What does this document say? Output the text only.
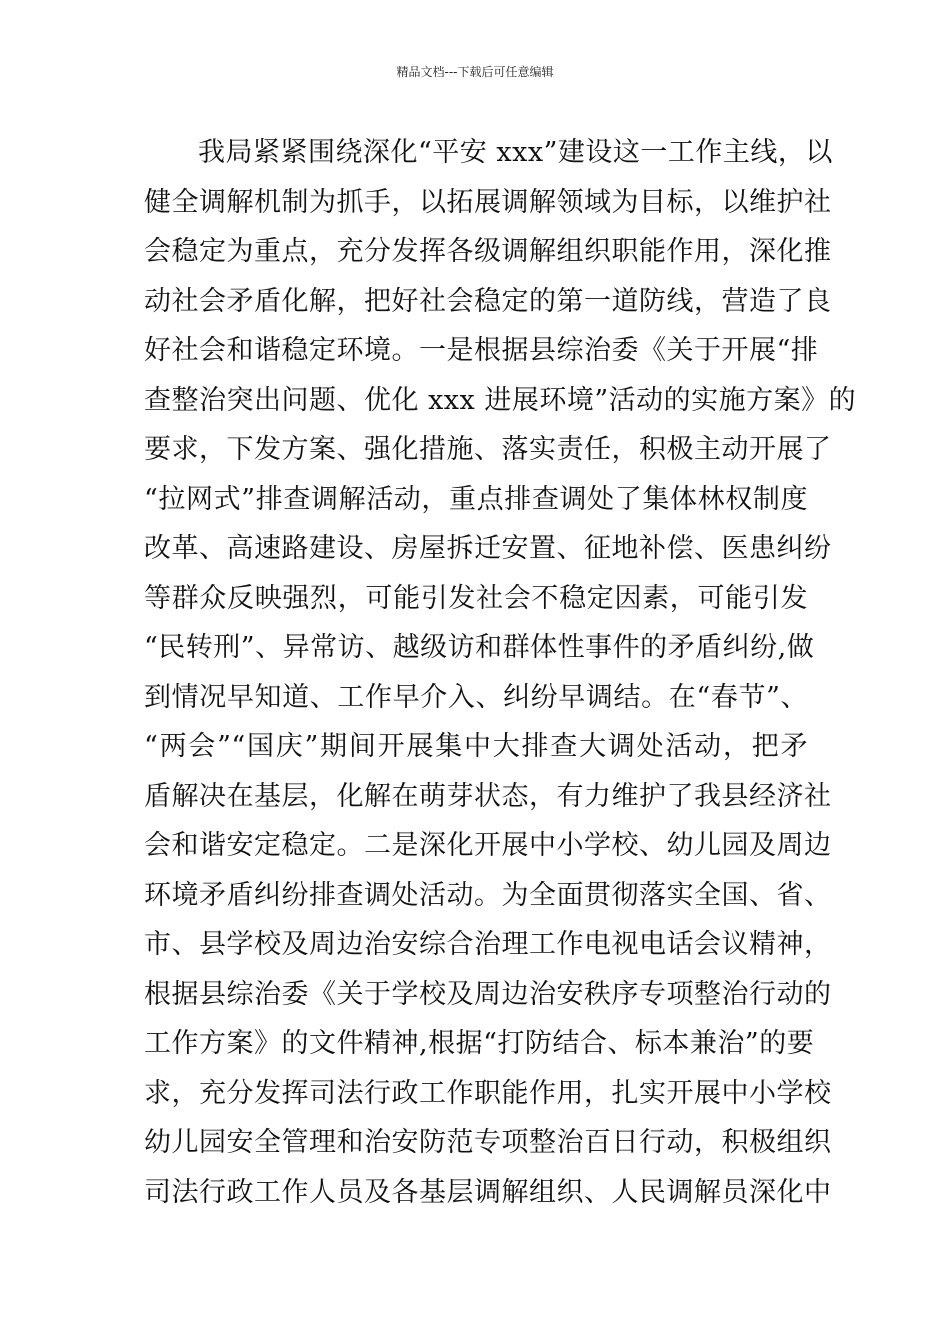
精品文档---下载后可任意编辑
我局紧紧围绕深化“平安 xxx”建设这一工作主线，以
健全调解机制为抓手，以拓展调解领域为目标，以维护社
会稳定为重点，充分发挥各级调解组织职能作用，深化推
动社会矛盾化解，把好社会稳定的第一道防线，营造了良
好社会和谐稳定环境。一是根据县综治委《关于开展“排
查整治突出问题、优化 xxx 进展环境”活动的实施方案》的
要求，下发方案、强化措施、落实责任，积极主动开展了
“拉网式”排查调解活动，重点排查调处了集体林权制度
改革、高速路建设、房屋拆迁安置、征地补偿、医患纠纷
等群众反映强烈，可能引发社会不稳定因素，可能引发
“民转刑”、异常访、越级访和群体性事件的矛盾纠纷,做
到情况早知道、工作早介入、纠纷早调结。在“春节”、
“两会”“国庆”期间开展集中大排查大调处活动，把矛
盾解决在基层，化解在萌芽状态，有力维护了我县经济社
会和谐安定稳定。二是深化开展中小学校、幼儿园及周边
环境矛盾纠纷排查调处活动。为全面贯彻落实全国、省、
市、县学校及周边治安综合治理工作电视电话会议精神，
根据县综治委《关于学校及周边治安秩序专项整治行动的
工作方案》的文件精神,根据“打防结合、标本兼治”的要
求，充分发挥司法行政工作职能作用，扎实开展中小学校
幼儿园安全管理和治安防范专项整治百日行动，积极组织
司法行政工作人员及各基层调解组织、人民调解员深化中
